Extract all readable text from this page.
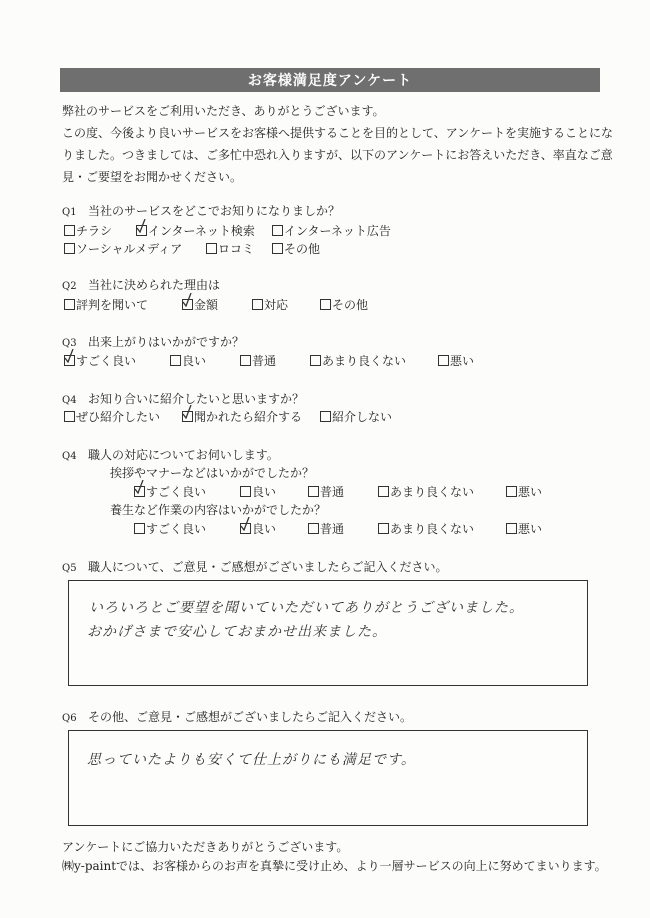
お客様満足度アンケート
弊社のサービスをご利用いただき、ありがとうございます。
この度、今後より良いサービスをお客様へ提供することを目的として、アンケートを実施することにな
りました。つきましては、ご多忙中恐れ入りますが、以下のアンケートにお答えいただき、率直なご意
見・ご要望をお聞かせください。
Q1 当社のサービスをどこでお知りになりましか？
チラシ	インターネット検索 インターネット広告
ソーシャルメディア	ロコミ その他
Q2 当社に決められた理由は
評判を聞いて	金額	対応	その他
Q3 出来上がりはいかがですか？
すごく良い	良い	普通	あまり良くない	悪い
Q4 お知り合いに紹介したいと思いますか？
ぜひ紹介したい	聞かれたら紹介する 紹介しない
Q4 職人の対応についてお伺いします。
挨拶やマナーなどはいかがでしたか？
すごく良い	良い	普通	あまり良くない	悪い
養生など作業の内容はいかがでしたか？
すごく良い	良い	普通	あまり良くない	悪い
Q5 職人について、ご意見・ご感想がございましたらご記入ください。
いろいろとご要望を聞いていただいてありがとうございました。
おかげさまで安心しておまかせ出来ました。
Q6 その他、ご意見・ご感想がございましたらご記入ください。
思っていたよりも安くて仕上がりにも満足です。
アンケートにご協力いただきありがとうございます。
㈱y-paintでは、お客様からのお声を真摯に受け止め、より一層サービスの向上に努めてまいります。
